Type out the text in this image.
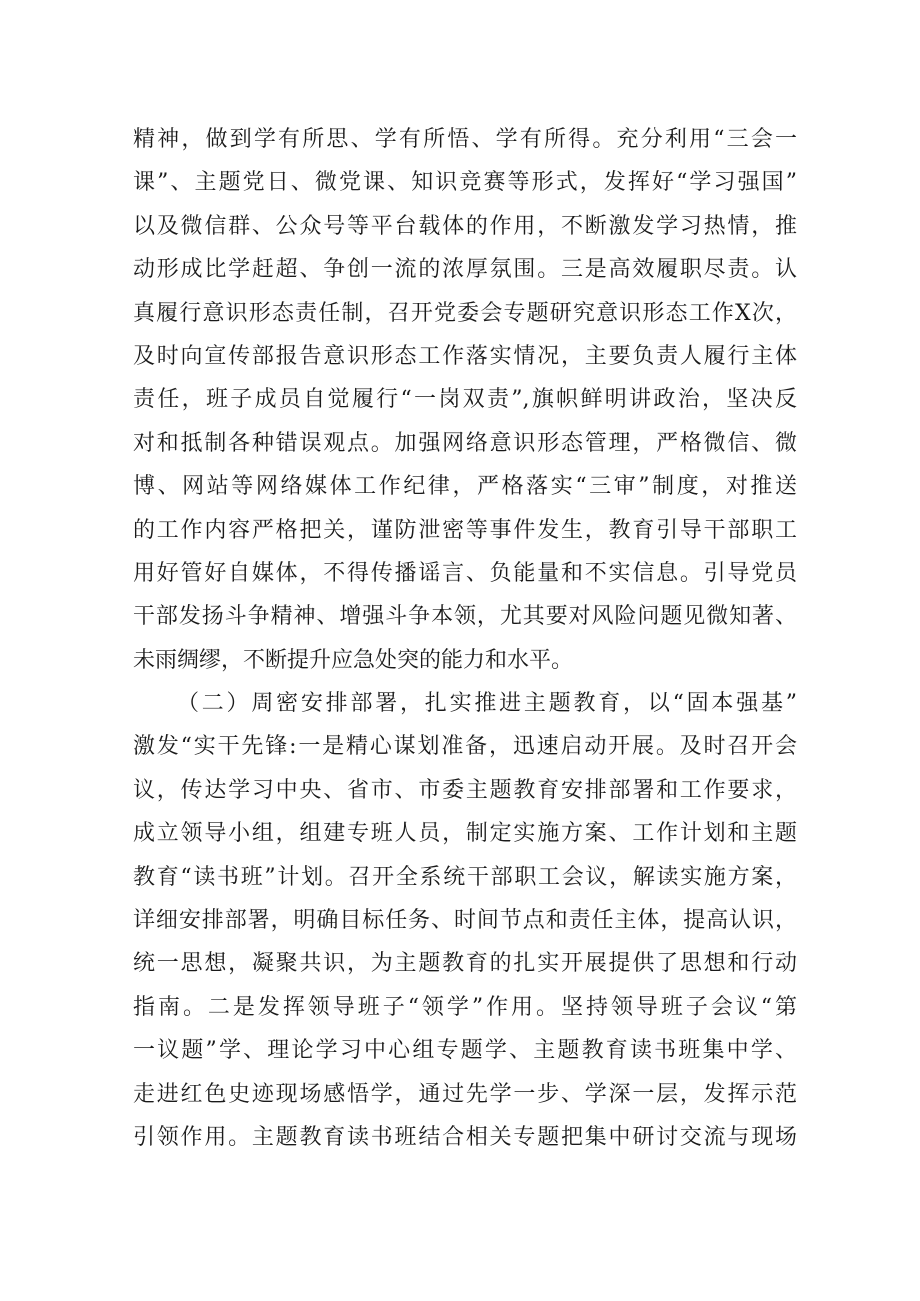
精神，做到学有所思、学有所悟、学有所得。充分利用“三会一
课”、主题党日、微党课、知识竞赛等形式，发挥好“学习强国”
以及微信群、公众号等平台载体的作用，不断激发学习热情，推
动形成比学赶超、争创一流的浓厚氛围。三是高效履职尽责。认
真履行意识形态责任制，召开党委会专题研究意识形态工作X次，
及时向宣传部报告意识形态工作落实情况，主要负责人履行主体
责任，班子成员自觉履行“一岗双责”,旗帜鲜明讲政治，坚决反
对和抵制各种错误观点。加强网络意识形态管理，严格微信、微
博、网站等网络媒体工作纪律，严格落实“三审”制度，对推送
的工作内容严格把关，谨防泄密等事件发生，教育引导干部职工
用好管好自媒体，不得传播谣言、负能量和不实信息。引导党员
干部发扬斗争精神、增强斗争本领，尤其要对风险问题见微知著、
未雨绸缪，不断提升应急处突的能力和水平。
（二）周密安排部署，扎实推进主题教育，以“固本强基”
激发“实干先锋:一是精心谋划准备，迅速启动开展。及时召开会
议，传达学习中央、省市、市委主题教育安排部署和工作要求，
成立领导小组，组建专班人员，制定实施方案、工作计划和主题
教育“读书班”计划。召开全系统干部职工会议，解读实施方案，
详细安排部署，明确目标任务、时间节点和责任主体，提高认识，
统一思想，凝聚共识，为主题教育的扎实开展提供了思想和行动
指南。二是发挥领导班子“领学”作用。坚持领导班子会议“第
一议题”学、理论学习中心组专题学、主题教育读书班集中学、
走进红色史迹现场感悟学，通过先学一步、学深一层，发挥示范
引领作用。主题教育读书班结合相关专题把集中研讨交流与现场
